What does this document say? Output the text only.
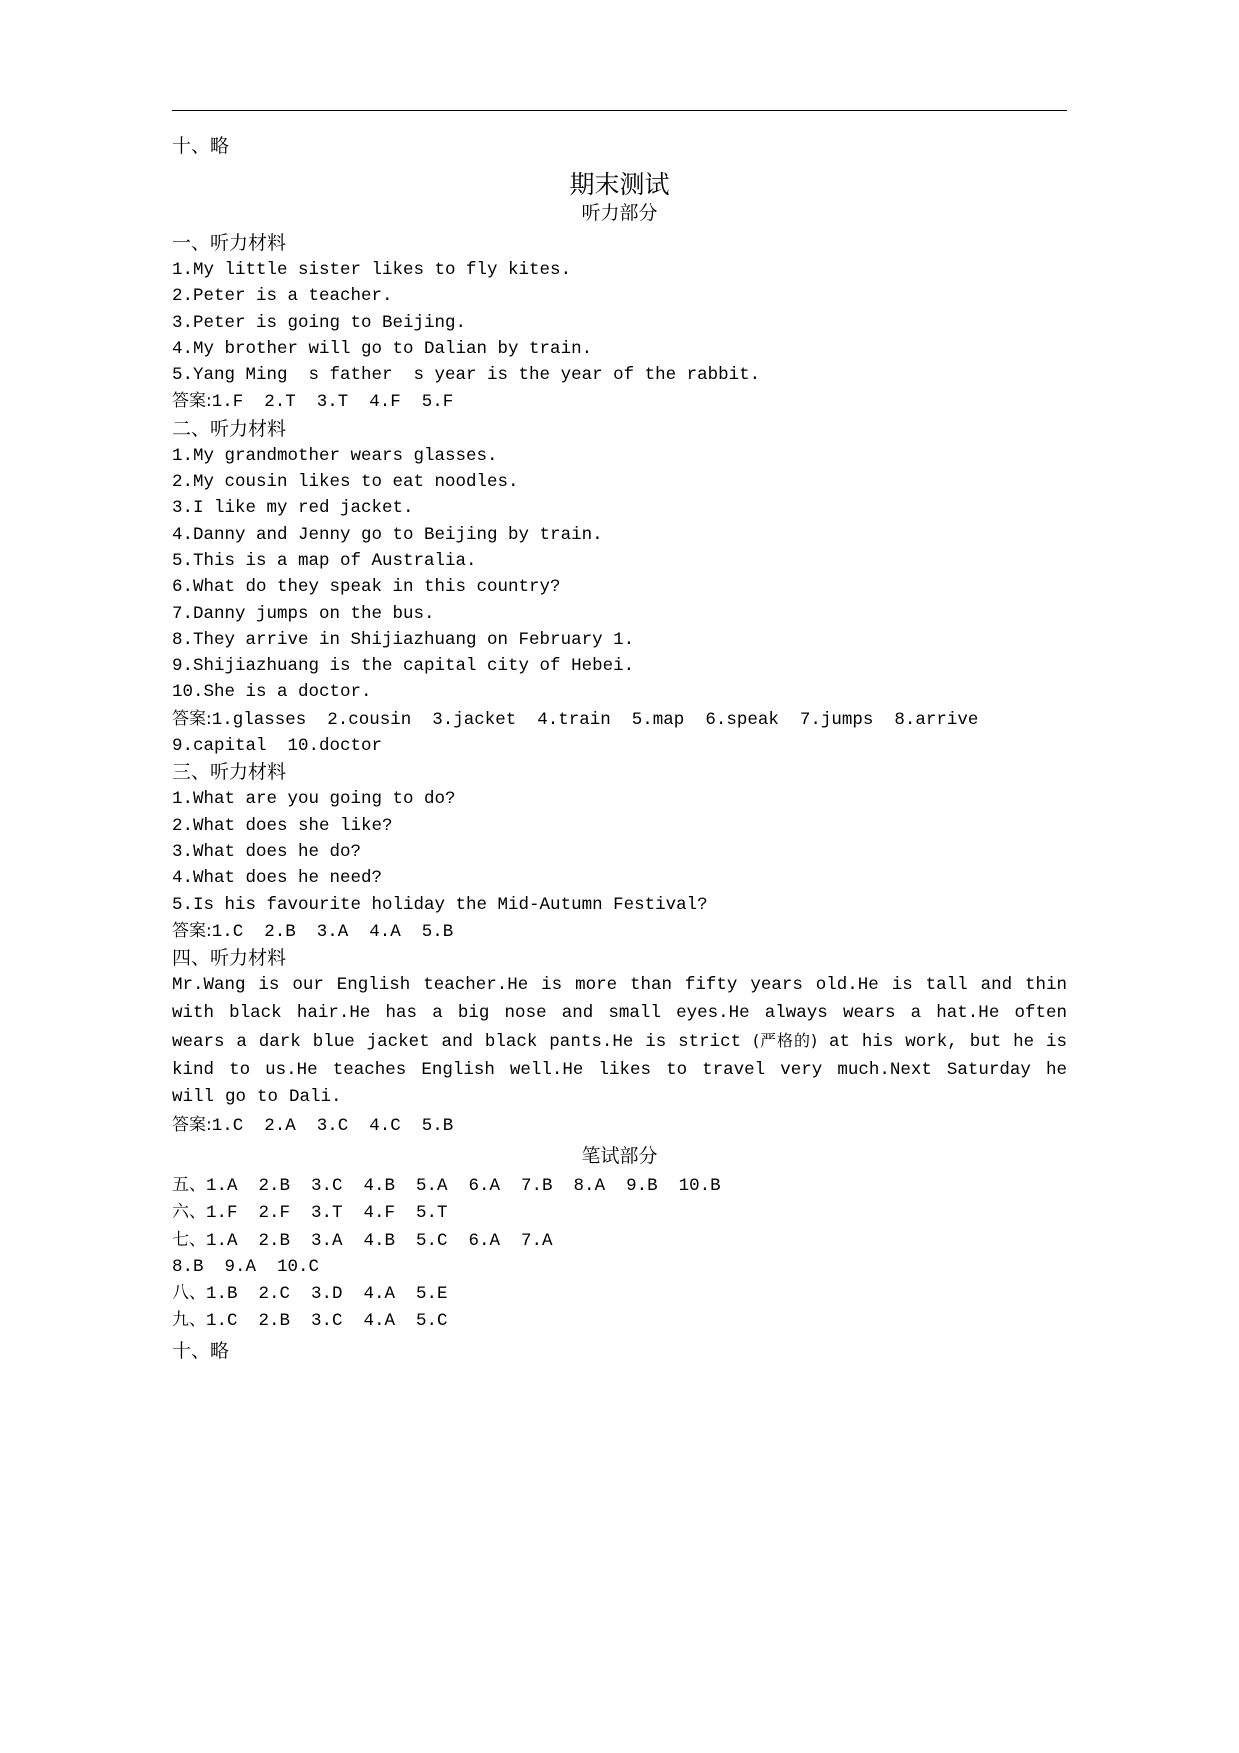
十、略
期末测试
听力部分
一、听力材料
1.My little sister likes to fly kites.
2.Peter is a teacher.
3.Peter is going to Beijing.
4.My brother will go to Dalian by train.
5.Yang Ming  s father  s year is the year of the rabbit.
答案:1.F  2.T  3.T  4.F  5.F
二、听力材料
1.My grandmother wears glasses.
2.My cousin likes to eat noodles.
3.I like my red jacket.
4.Danny and Jenny go to Beijing by train.
5.This is a map of Australia.
6.What do they speak in this country?
7.Danny jumps on the bus.
8.They arrive in Shijiazhuang on February 1.
9.Shijiazhuang is the capital city of Hebei.
10.She is a doctor.
答案:1.glasses  2.cousin  3.jacket  4.train  5.map  6.speak  7.jumps  8.arrive
9.capital  10.doctor
三、听力材料
1.What are you going to do?
2.What does she like?
3.What does he do?
4.What does he need?
5.Is his favourite holiday the Mid-Autumn Festival?
答案:1.C  2.B  3.A  4.A  5.B
四、听力材料
Mr.Wang is our English teacher.He is more than fifty years old.He is tall and thin with black hair.He has a big nose and small eyes.He always wears a hat.He often wears a dark blue jacket and black pants.He is strict (严格的) at his work, but he is kind to us.He teaches English well.He likes to travel very much.Next Saturday he will go to Dali.
答案:1.C  2.A  3.C  4.C  5.B
笔试部分
五、1.A  2.B  3.C  4.B  5.A  6.A  7.B  8.A  9.B  10.B
六、1.F  2.F  3.T  4.F  5.T
七、1.A  2.B  3.A  4.B  5.C  6.A  7.A
8.B  9.A  10.C
八、1.B  2.C  3.D  4.A  5.E
九、1.C  2.B  3.C  4.A  5.C
十、略
